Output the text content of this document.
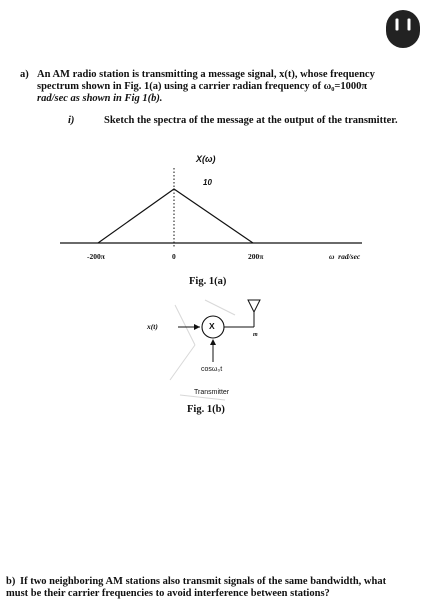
a) An AM radio station is transmitting a message signal, x(t), whose frequency
spectrum shown in Fig. 1(a) using a carrier radian frequency of ω₀=1000π
rad/sec as shown in Fig 1(b).
i)	Sketch the spectra of the message at the output of the transmitter.
X(ω)
10
-200π	0	200π	ω  rad/sec
Fig. 1(a)
x(t)	X
m
cosω₀t
Transmitter
Fig. 1(b)
b) If two neighboring AM stations also transmit signals of the same bandwidth, what
must be their carrier frequencies to avoid interference between stations?
